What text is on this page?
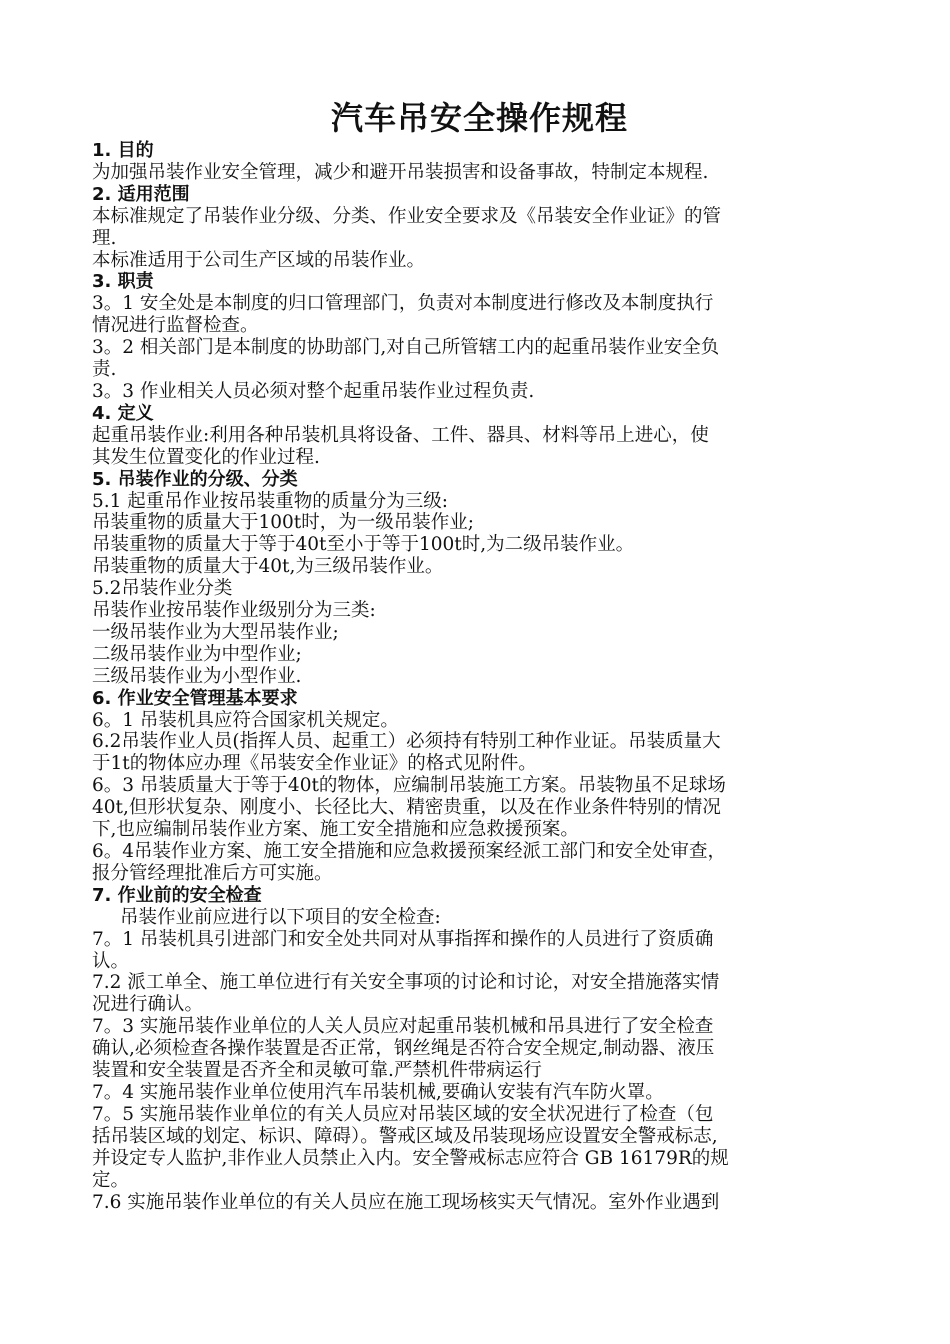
汽车吊安全操作规程
1. 目的
为加强吊装作业安全管理，减少和避开吊装损害和设备事故，特制定本规程.
2. 适用范围
本标准规定了吊装作业分级、分类、作业安全要求及《吊装安全作业证》的管
理.
本标准适用于公司生产区域的吊装作业。
3. 职责
3。1 安全处是本制度的归口管理部门，负责对本制度进行修改及本制度执行
情况进行监督检查。
3。2 相关部门是本制度的协助部门,对自己所管辖工内的起重吊装作业安全负
责.
3。3 作业相关人员必须对整个起重吊装作业过程负责.
4. 定义
起重吊装作业:利用各种吊装机具将设备、工件、器具、材料等吊上进心，使
其发生位置变化的作业过程.
5. 吊装作业的分级、分类
5.1 起重吊作业按吊装重物的质量分为三级:
吊装重物的质量大于100t时，为一级吊装作业;
吊装重物的质量大于等于40t至小于等于100t时,为二级吊装作业。
吊装重物的质量大于40t,为三级吊装作业。
5.2吊装作业分类
吊装作业按吊装作业级别分为三类:
一级吊装作业为大型吊装作业;
二级吊装作业为中型作业;
三级吊装作业为小型作业.
6. 作业安全管理基本要求
6。1 吊装机具应符合国家机关规定。
6.2吊装作业人员(指挥人员、起重工）必须持有特别工种作业证。吊装质量大
于1t的物体应办理《吊装安全作业证》的格式见附件。
6。3 吊装质量大于等于40t的物体，应编制吊装施工方案。吊装物虽不足球场
40t,但形状复杂、刚度小、长径比大、精密贵重，以及在作业条件特别的情况
下,也应编制吊装作业方案、施工安全措施和应急救援预案。
6。4吊装作业方案、施工安全措施和应急救援预案经派工部门和安全处审查，
报分管经理批准后方可实施。
7. 作业前的安全检查
吊装作业前应进行以下项目的安全检查:
7。1 吊装机具引进部门和安全处共同对从事指挥和操作的人员进行了资质确
认。
7.2 派工单全、施工单位进行有关安全事项的讨论和讨论，对安全措施落实情
况进行确认。
7。3 实施吊装作业单位的人关人员应对起重吊装机械和吊具进行了安全检查
确认,必须检查各操作装置是否正常，钢丝绳是否符合安全规定,制动器、液压
装置和安全装置是否齐全和灵敏可靠.严禁机件带病运行
7。4 实施吊装作业单位使用汽车吊装机械,要确认安装有汽车防火罩。
7。5 实施吊装作业单位的有关人员应对吊装区域的安全状况进行了检查（包
括吊装区域的划定、标识、障碍）。警戒区域及吊装现场应设置安全警戒标志,
并设定专人监护,非作业人员禁止入内。安全警戒标志应符合 GB 16179R的规
定。
7.6 实施吊装作业单位的有关人员应在施工现场核实天气情况。室外作业遇到
